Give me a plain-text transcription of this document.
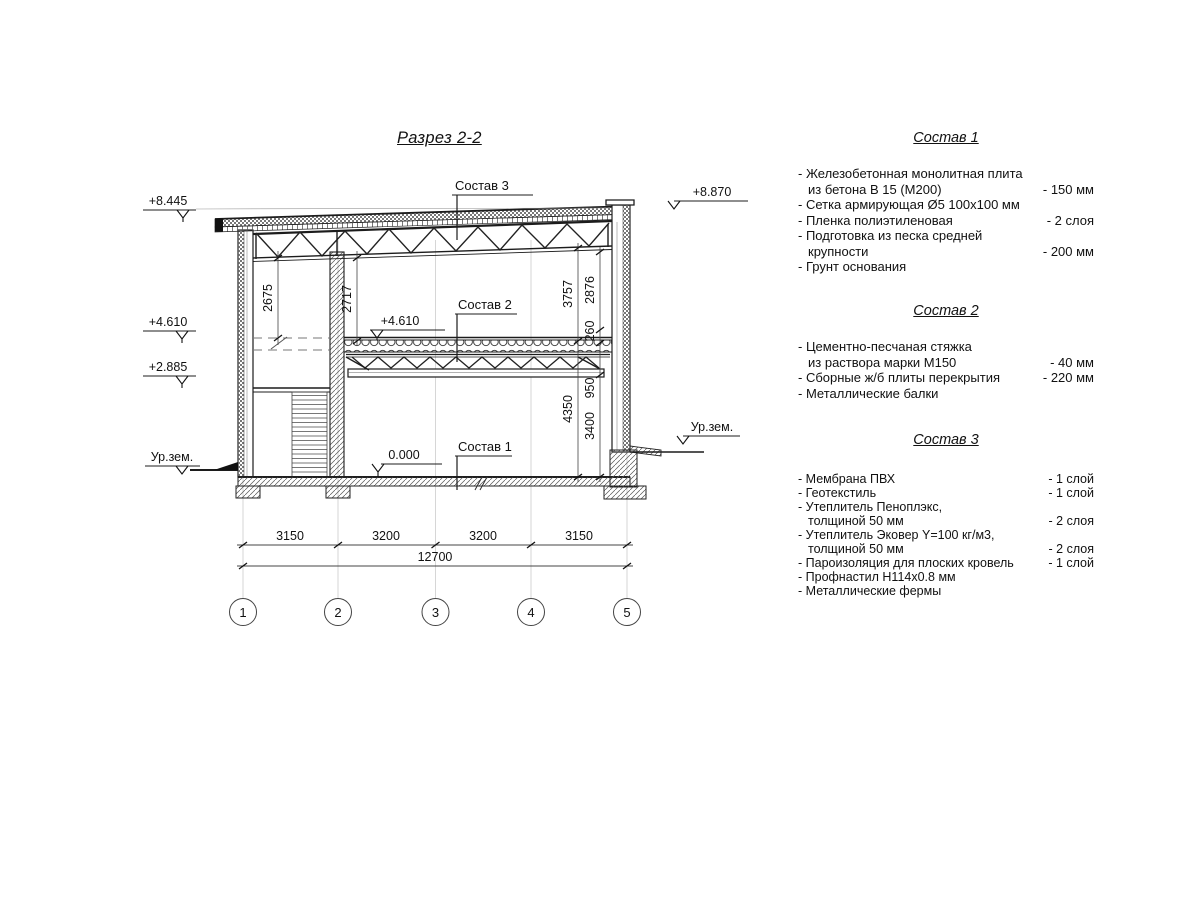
Разрез 2-2
+8.445
+4.610
+2.885
Ур.зем.	0.000
+4.610
+8.870
Ур.зем.
Состав 3
Состав 2
Состав 1
2675	2717	3757
4350
2876
260
950
3400
3150	3200	3200	3150
12700
1	2	3	4	5
Состав 1
- Железобетонная монолитная плита
из бетона В 15 (М200)	- 150 мм
- Сетка армирующая Ø5 100x100 мм
- Пленка полиэтиленовая	- 2 слоя
- Подготовка из песка средней
крупности	- 200 мм
- Грунт основания
Состав 2
- Цементно-песчаная стяжка
из раствора марки М150	- 40 мм
- Сборные ж/б плиты перекрытия	- 220 мм
- Металлические балки
Состав 3
- Мембрана ПВХ	- 1 слой
- Геотекстиль	- 1 слой
- Утеплитель Пеноплэкс,
толщиной 50 мм	- 2 слоя
- Утеплитель Эковер Y=100 кг/м3,
толщиной 50 мм	- 2 слоя
- Пароизоляция для плоских кровель	- 1 слой
- Профнастил Н114х0.8 мм
- Металлические фермы
